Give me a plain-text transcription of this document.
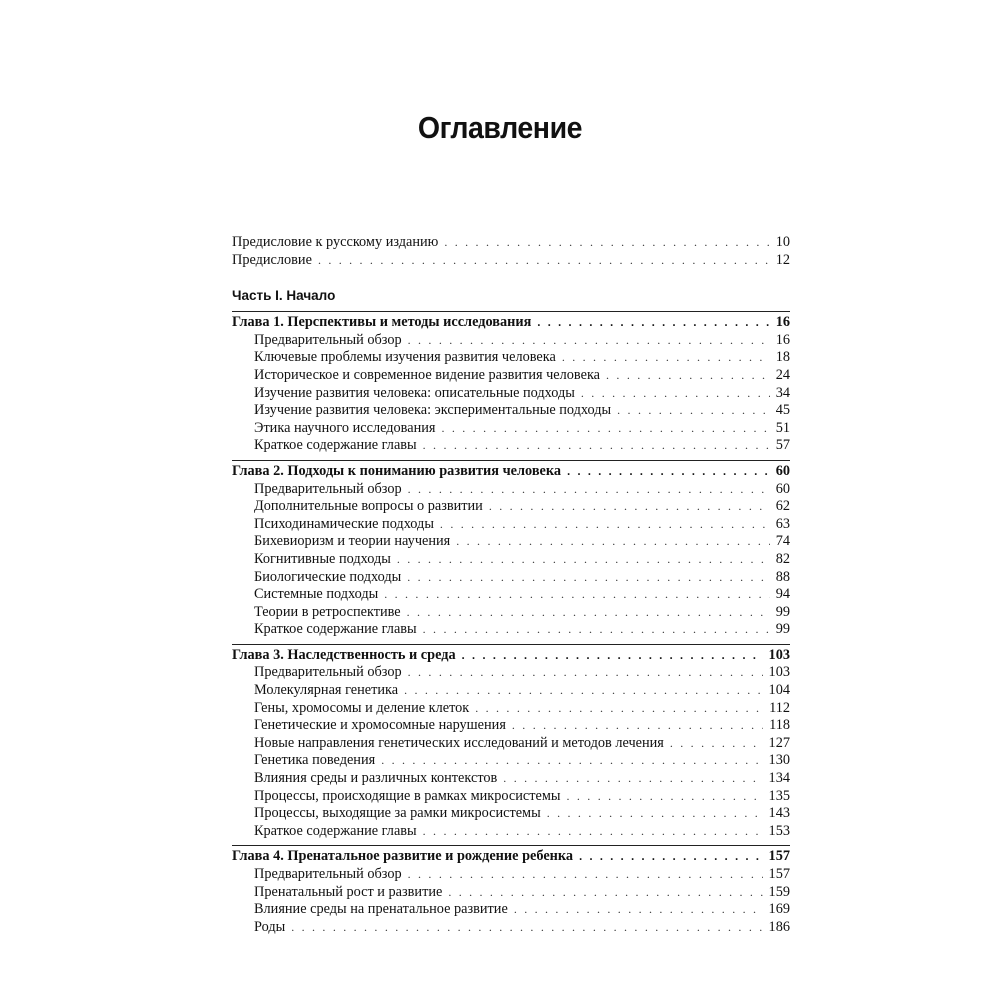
Оглавление
Предисловие к русскому изданию . . .	10
Предисловие . . .	12
Часть I. Начало
Глава 1. Перспективы и методы исследования . . .	16
Предварительный обзор . . .	16
Ключевые проблемы изучения развития человека . . .	18
Историческое и современное видение развития человека . . .	24
Изучение развития человека: описательные подходы . . .	34
Изучение развития человека: экспериментальные подходы . . .	45
Этика научного исследования . . .	51
Краткое содержание главы . . .	57
Глава 2. Подходы к пониманию развития человека . . .	60
Предварительный обзор . . .	60
Дополнительные вопросы о развитии . . .	62
Психодинамические подходы . . .	63
Бихевиоризм и теории научения . . .	74
Когнитивные подходы . . .	82
Биологические подходы . . .	88
Системные подходы . . .	94
Теории в ретроспективе . . .	99
Краткое содержание главы . . .	99
Глава 3. Наследственность и среда . . .	103
Предварительный обзор . . .	103
Молекулярная генетика . . .	104
Гены, хромосомы и деление клеток . . .	112
Генетические и хромосомные нарушения . . .	118
Новые направления генетических исследований и методов лечения . . .	127
Генетика поведения . . .	130
Влияния среды и различных контекстов . . .	134
Процессы, происходящие в рамках микросистемы . . .	135
Процессы, выходящие за рамки микросистемы . . .	143
Краткое содержание главы . . .	153
Глава 4. Пренатальное развитие и рождение ребенка . . .	157
Предварительный обзор . . .	157
Пренатальный рост и развитие . . .	159
Влияние среды на пренатальное развитие . . .	169
Роды . . .	186
